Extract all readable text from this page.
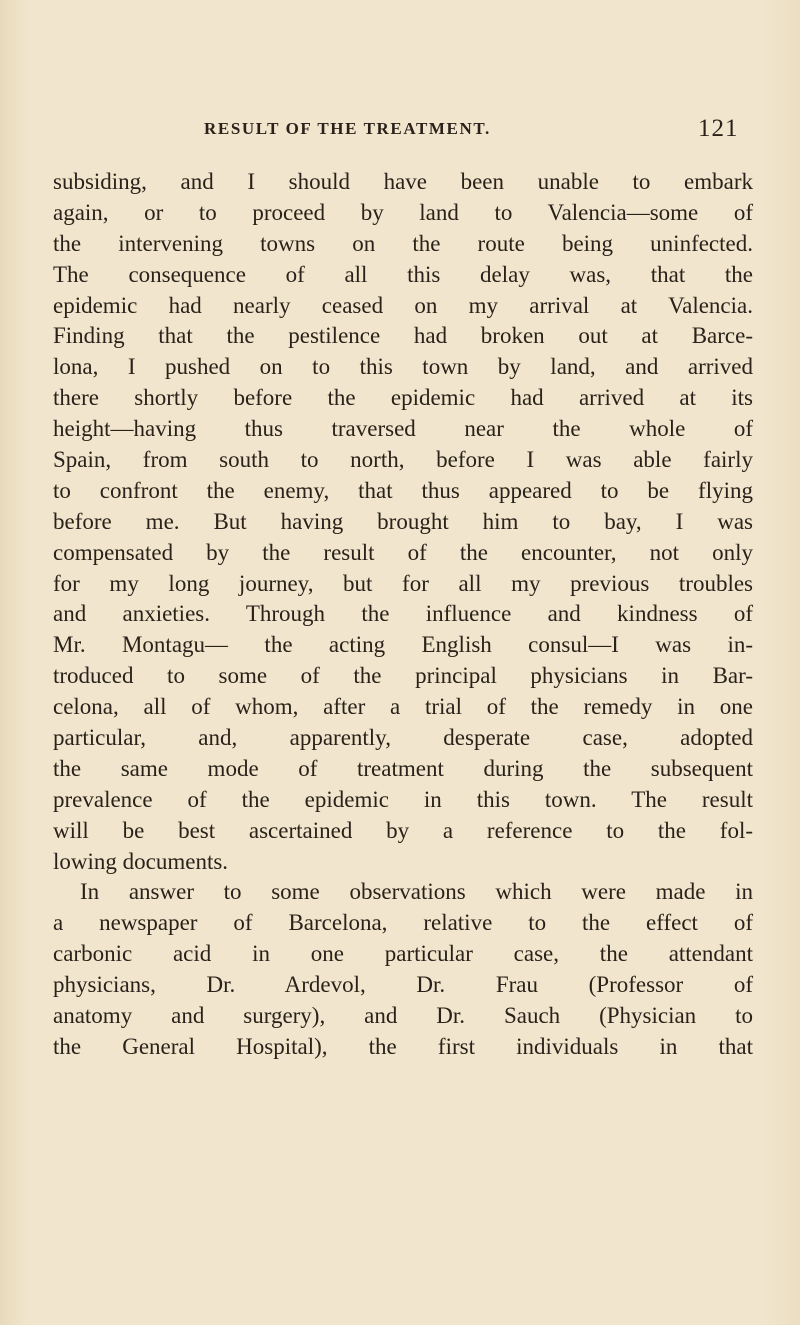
RESULT OF THE TREATMENT.	121
subsiding, and I should have been unable to embark
again, or to proceed by land to Valencia—some of
the intervening towns on the route being uninfected.
The consequence of all this delay was, that the
epidemic had nearly ceased on my arrival at Valencia.
Finding that the pestilence had broken out at Barce-
lona, I pushed on to this town by land, and arrived
there shortly before the epidemic had arrived at its
height—having thus traversed near the whole of
Spain, from south to north, before I was able fairly
to confront the enemy, that thus appeared to be flying
before me. But having brought him to bay, I was
compensated by the result of the encounter, not only
for my long journey, but for all my previous troubles
and anxieties. Through the influence and kindness of
Mr. Montagu— the acting English consul—I was in-
troduced to some of the principal physicians in Bar-
celona, all of whom, after a trial of the remedy in one
particular, and, apparently, desperate case, adopted
the same mode of treatment during the subsequent
prevalence of the epidemic in this town. The result
will be best ascertained by a reference to the fol-
lowing documents.
In answer to some observations which were made in
a newspaper of Barcelona, relative to the effect of
carbonic acid in one particular case, the attendant
physicians, Dr. Ardevol, Dr. Frau (Professor of
anatomy and surgery), and Dr. Sauch (Physician to
the General Hospital), the first individuals in that
